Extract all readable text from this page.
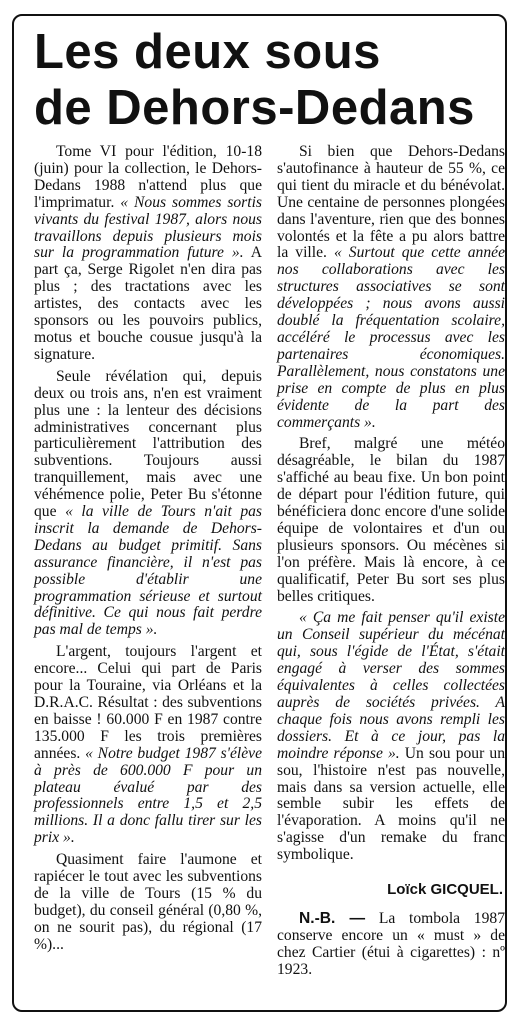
Les deux sous
de Dehors-Dedans

Tome VI pour l'édition, 10-18 (juin) pour la collection, le Dehors-Dedans 1988 n'attend plus que l'imprimatur. « Nous sommes sortis vivants du festival 1987, alors nous travaillons depuis plusieurs mois sur la programmation future ». A part ça, Serge Rigolet n'en dira pas plus ; des tractations avec les artistes, des contacts avec les sponsors ou les pouvoirs publics, motus et bouche cousue jusqu'à la signature.

Seule révélation qui, depuis deux ou trois ans, n'en est vraiment plus une : la lenteur des décisions administratives concernant plus particulièrement l'attribution des subventions. Toujours aussi tranquillement, mais avec une véhémence polie, Peter Bu s'étonne que « la ville de Tours n'ait pas inscrit la demande de Dehors-Dedans au budget primitif. Sans assurance financière, il n'est pas possible d'établir une programmation sérieuse et surtout définitive. Ce qui nous fait perdre pas mal de temps ».

L'argent, toujours l'argent et encore... Celui qui part de Paris pour la Touraine, via Orléans et la D.R.A.C. Résultat : des subventions en baisse ! 60.000 F en 1987 contre 135.000 F les trois premières années. « Notre budget 1987 s'élève à près de 600.000 F pour un plateau évalué par des professionnels entre 1,5 et 2,5 millions. Il a donc fallu tirer sur les prix ».

Quasiment faire l'aumone et rapiécer le tout avec les subventions de la ville de Tours (15 % du budget), du conseil général (0,80 %, on ne sourit pas), du régional (17 %)...

Si bien que Dehors-Dedans s'autofinance à hauteur de 55 %, ce qui tient du miracle et du bénévolat. Une centaine de personnes plongées dans l'aventure, rien que des bonnes volontés et la fête a pu alors battre la ville. « Surtout que cette année nos collaborations avec les structures associatives se sont développées ; nous avons aussi doublé la fréquentation scolaire, accéléré le processus avec les partenaires économiques. Parallèlement, nous constatons une prise en compte de plus en plus évidente de la part des commerçants ».

Bref, malgré une météo désagréable, le bilan du 1987 s'affiché au beau fixe. Un bon point de départ pour l'édition future, qui bénéficiera donc encore d'une solide équipe de volontaires et d'un ou plusieurs sponsors. Ou mécènes si l'on préfère. Mais là encore, à ce qualificatif, Peter Bu sort ses plus belles critiques.

« Ça me fait penser qu'il existe un Conseil supérieur du mécénat qui, sous l'égide de l'État, s'était engagé à verser des sommes équivalentes à celles collectées auprès de sociétés privées. A chaque fois nous avons rempli les dossiers. Et à ce jour, pas la moindre réponse ». Un sou pour un sou, l'histoire n'est pas nouvelle, mais dans sa version actuelle, elle semble subir les effets de l'évaporation. A moins qu'il ne s'agisse d'un remake du franc symbolique.

Loïck GICQUEL.

N.-B. — La tombola 1987 conserve encore un « must » de chez Cartier (étui à cigarettes) : nº 1923.
